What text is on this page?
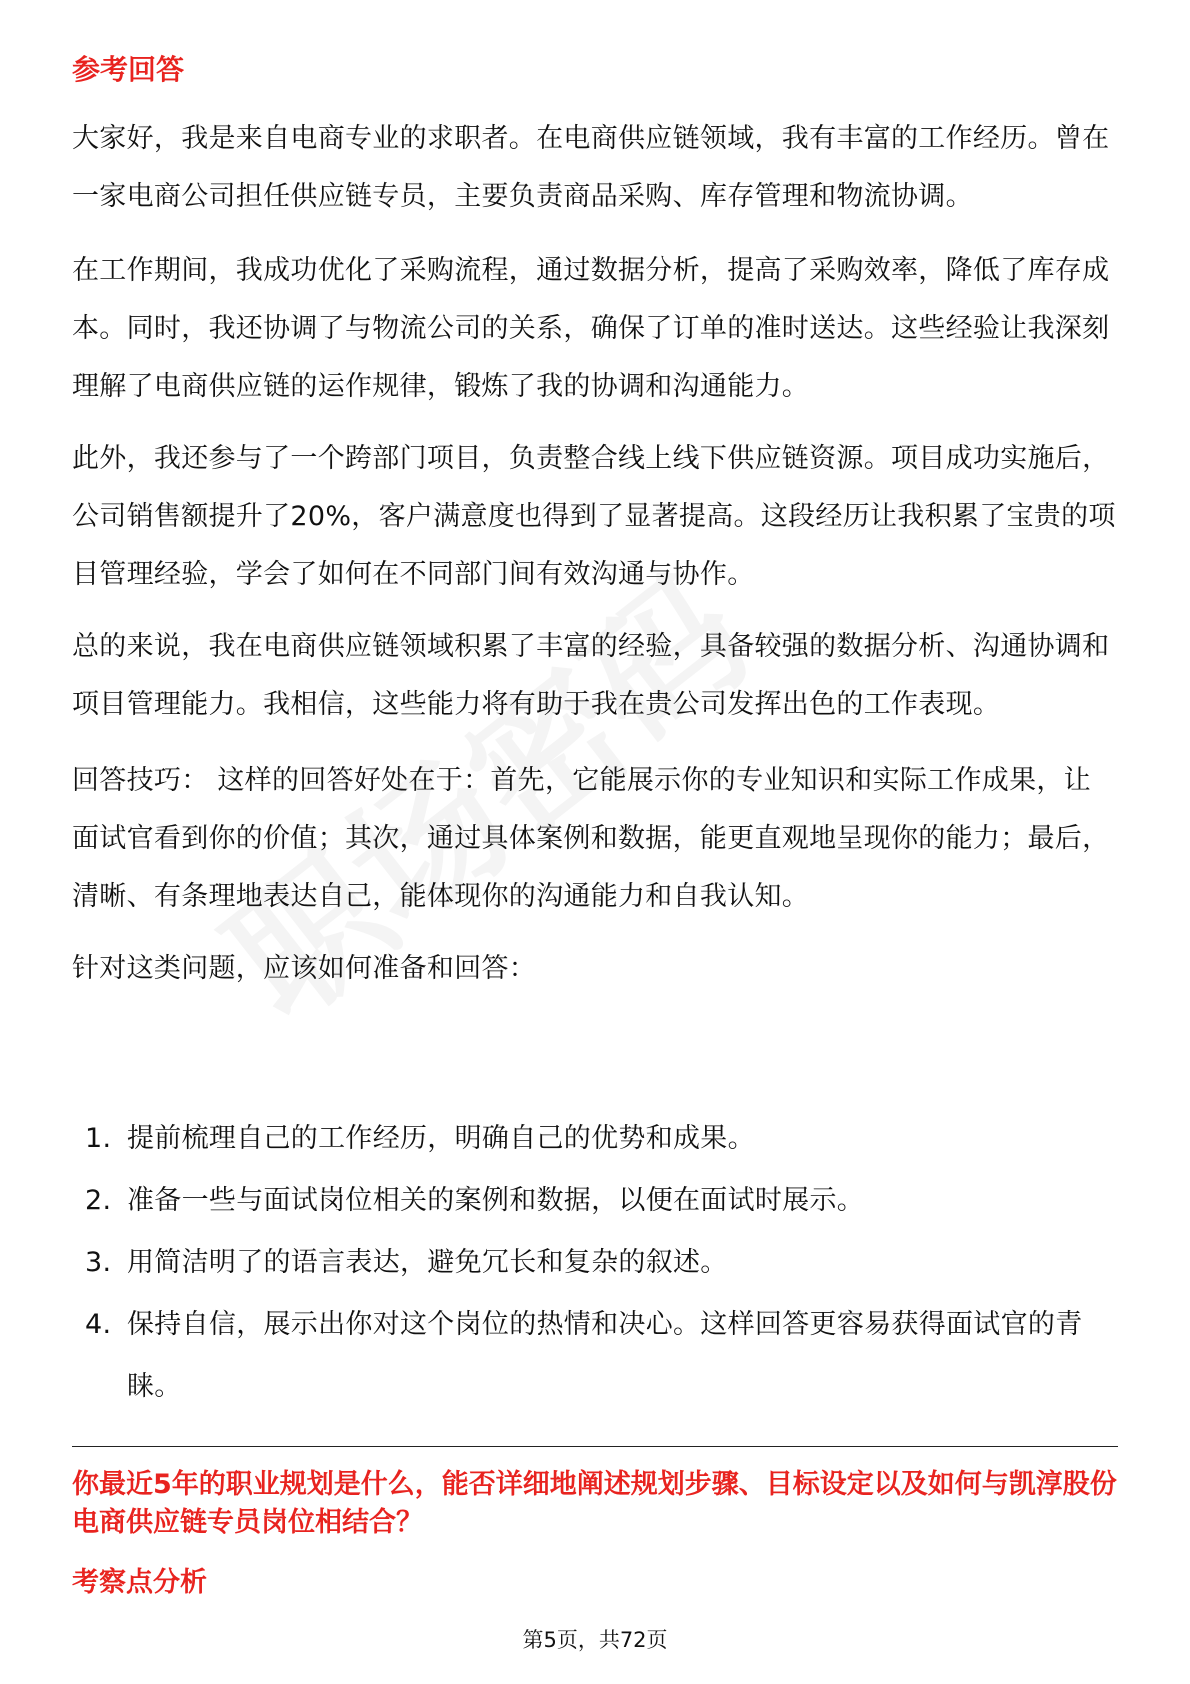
参考回答

大家好，我是来自电商专业的求职者。在电商供应链领域，我有丰富的工作经历。曾在一家电商公司担任供应链专员，主要负责商品采购、库存管理和物流协调。

在工作期间，我成功优化了采购流程，通过数据分析，提高了采购效率，降低了库存成本。同时，我还协调了与物流公司的关系，确保了订单的准时送达。这些经验让我深刻理解了电商供应链的运作规律，锻炼了我的协调和沟通能力。

此外，我还参与了一个跨部门项目，负责整合线上线下供应链资源。项目成功实施后，公司销售额提升了20%，客户满意度也得到了显著提高。这段经历让我积累了宝贵的项目管理经验，学会了如何在不同部门间有效沟通与协作。

总的来说，我在电商供应链领域积累了丰富的经验，具备较强的数据分析、沟通协调和项目管理能力。我相信，这些能力将有助于我在贵公司发挥出色的工作表现。

回答技巧： 这样的回答好处在于：首先，它能展示你的专业知识和实际工作成果，让面试官看到你的价值；其次，通过具体案例和数据，能更直观地呈现你的能力；最后，清晰、有条理地表达自己，能体现你的沟通能力和自我认知。

针对这类问题，应该如何准备和回答：

1. 提前梳理自己的工作经历，明确自己的优势和成果。
2. 准备一些与面试岗位相关的案例和数据，以便在面试时展示。
3. 用简洁明了的语言表达，避免冗长和复杂的叙述。
4. 保持自信，展示出你对这个岗位的热情和决心。这样回答更容易获得面试官的青睐。
你最近5年的职业规划是什么，能否详细地阐述规划步骤、目标设定以及如何与凯淳股份电商供应链专员岗位相结合？
考察点分析
第5页，共72页
